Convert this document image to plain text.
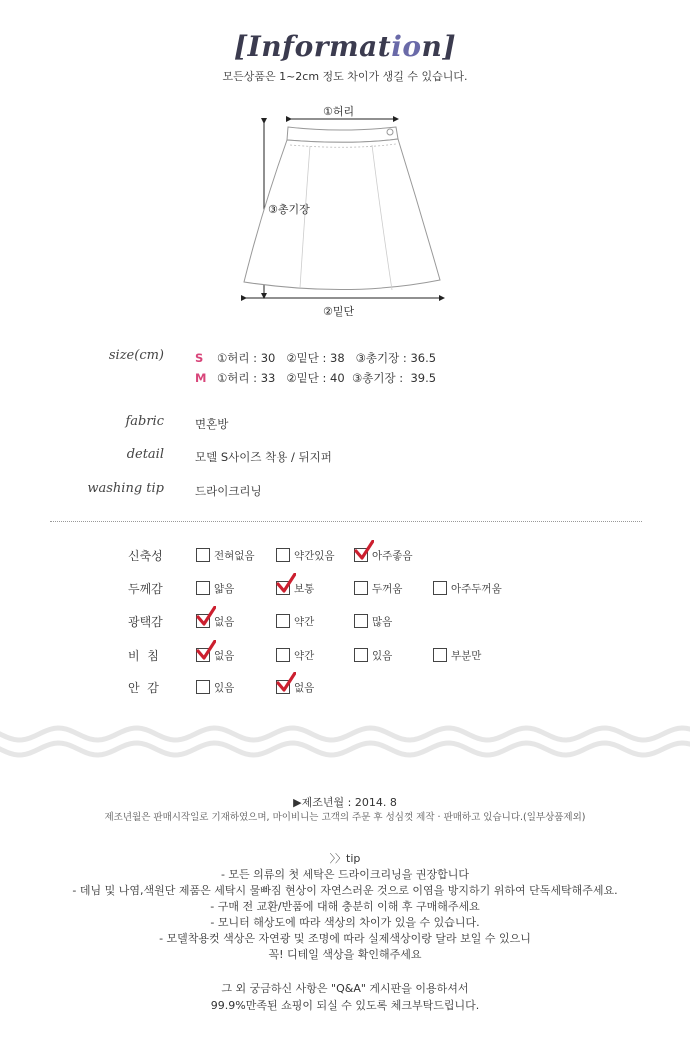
[Information]
모든상품은 1~2cm 정도 차이가 생길 수 있습니다.
①허리
③총기장
②밑단
size(cm)	S ①허리 : 30   ②밑단 : 38   ③총기장 : 36.5
M ①허리 : 33   ②밑단 : 40  ③총기장 :  39.5
fabric	면혼방
detail	모델 S사이즈 착용 / 뒤지퍼
washing tip	드라이크리닝
신축성	전혀없음	약간있음	아주좋음
두께감	얇음	보통	두꺼움	아주두꺼움
광택감	없음	약간	많음
비  침	없음	약간	있음	부분만
안  감	있음	없음
▶제조년월 : 2014. 8
제조년월은 판매시작일로 기재하였으며, 마이비니는 고객의 주문 후 성심껏 제작 · 판매하고 있습니다.(일부상품제외)
〉〉tip
- 모든 의류의 첫 세탁은 드라이크리닝을 권장합니다
- 데님 및 나염,색원단 제품은 세탁시 물빠짐 현상이 자연스러운 것으로 이염을 방지하기 위하여 단독세탁해주세요.
- 구매 전 교환/반품에 대해 충분히 이해 후 구매해주세요
- 모니터 해상도에 따라 색상의 차이가 있을 수 있습니다.
- 모델착용컷 색상은 자연광 및 조명에 따라 실제색상이랑 달라 보일 수 있으니
꼭! 디테일 색상을 확인해주세요
그 외 궁금하신 사항은 "Q&A" 게시판을 이용하셔서
99.9%만족된 쇼핑이 되실 수 있도록 체크부탁드립니다.
